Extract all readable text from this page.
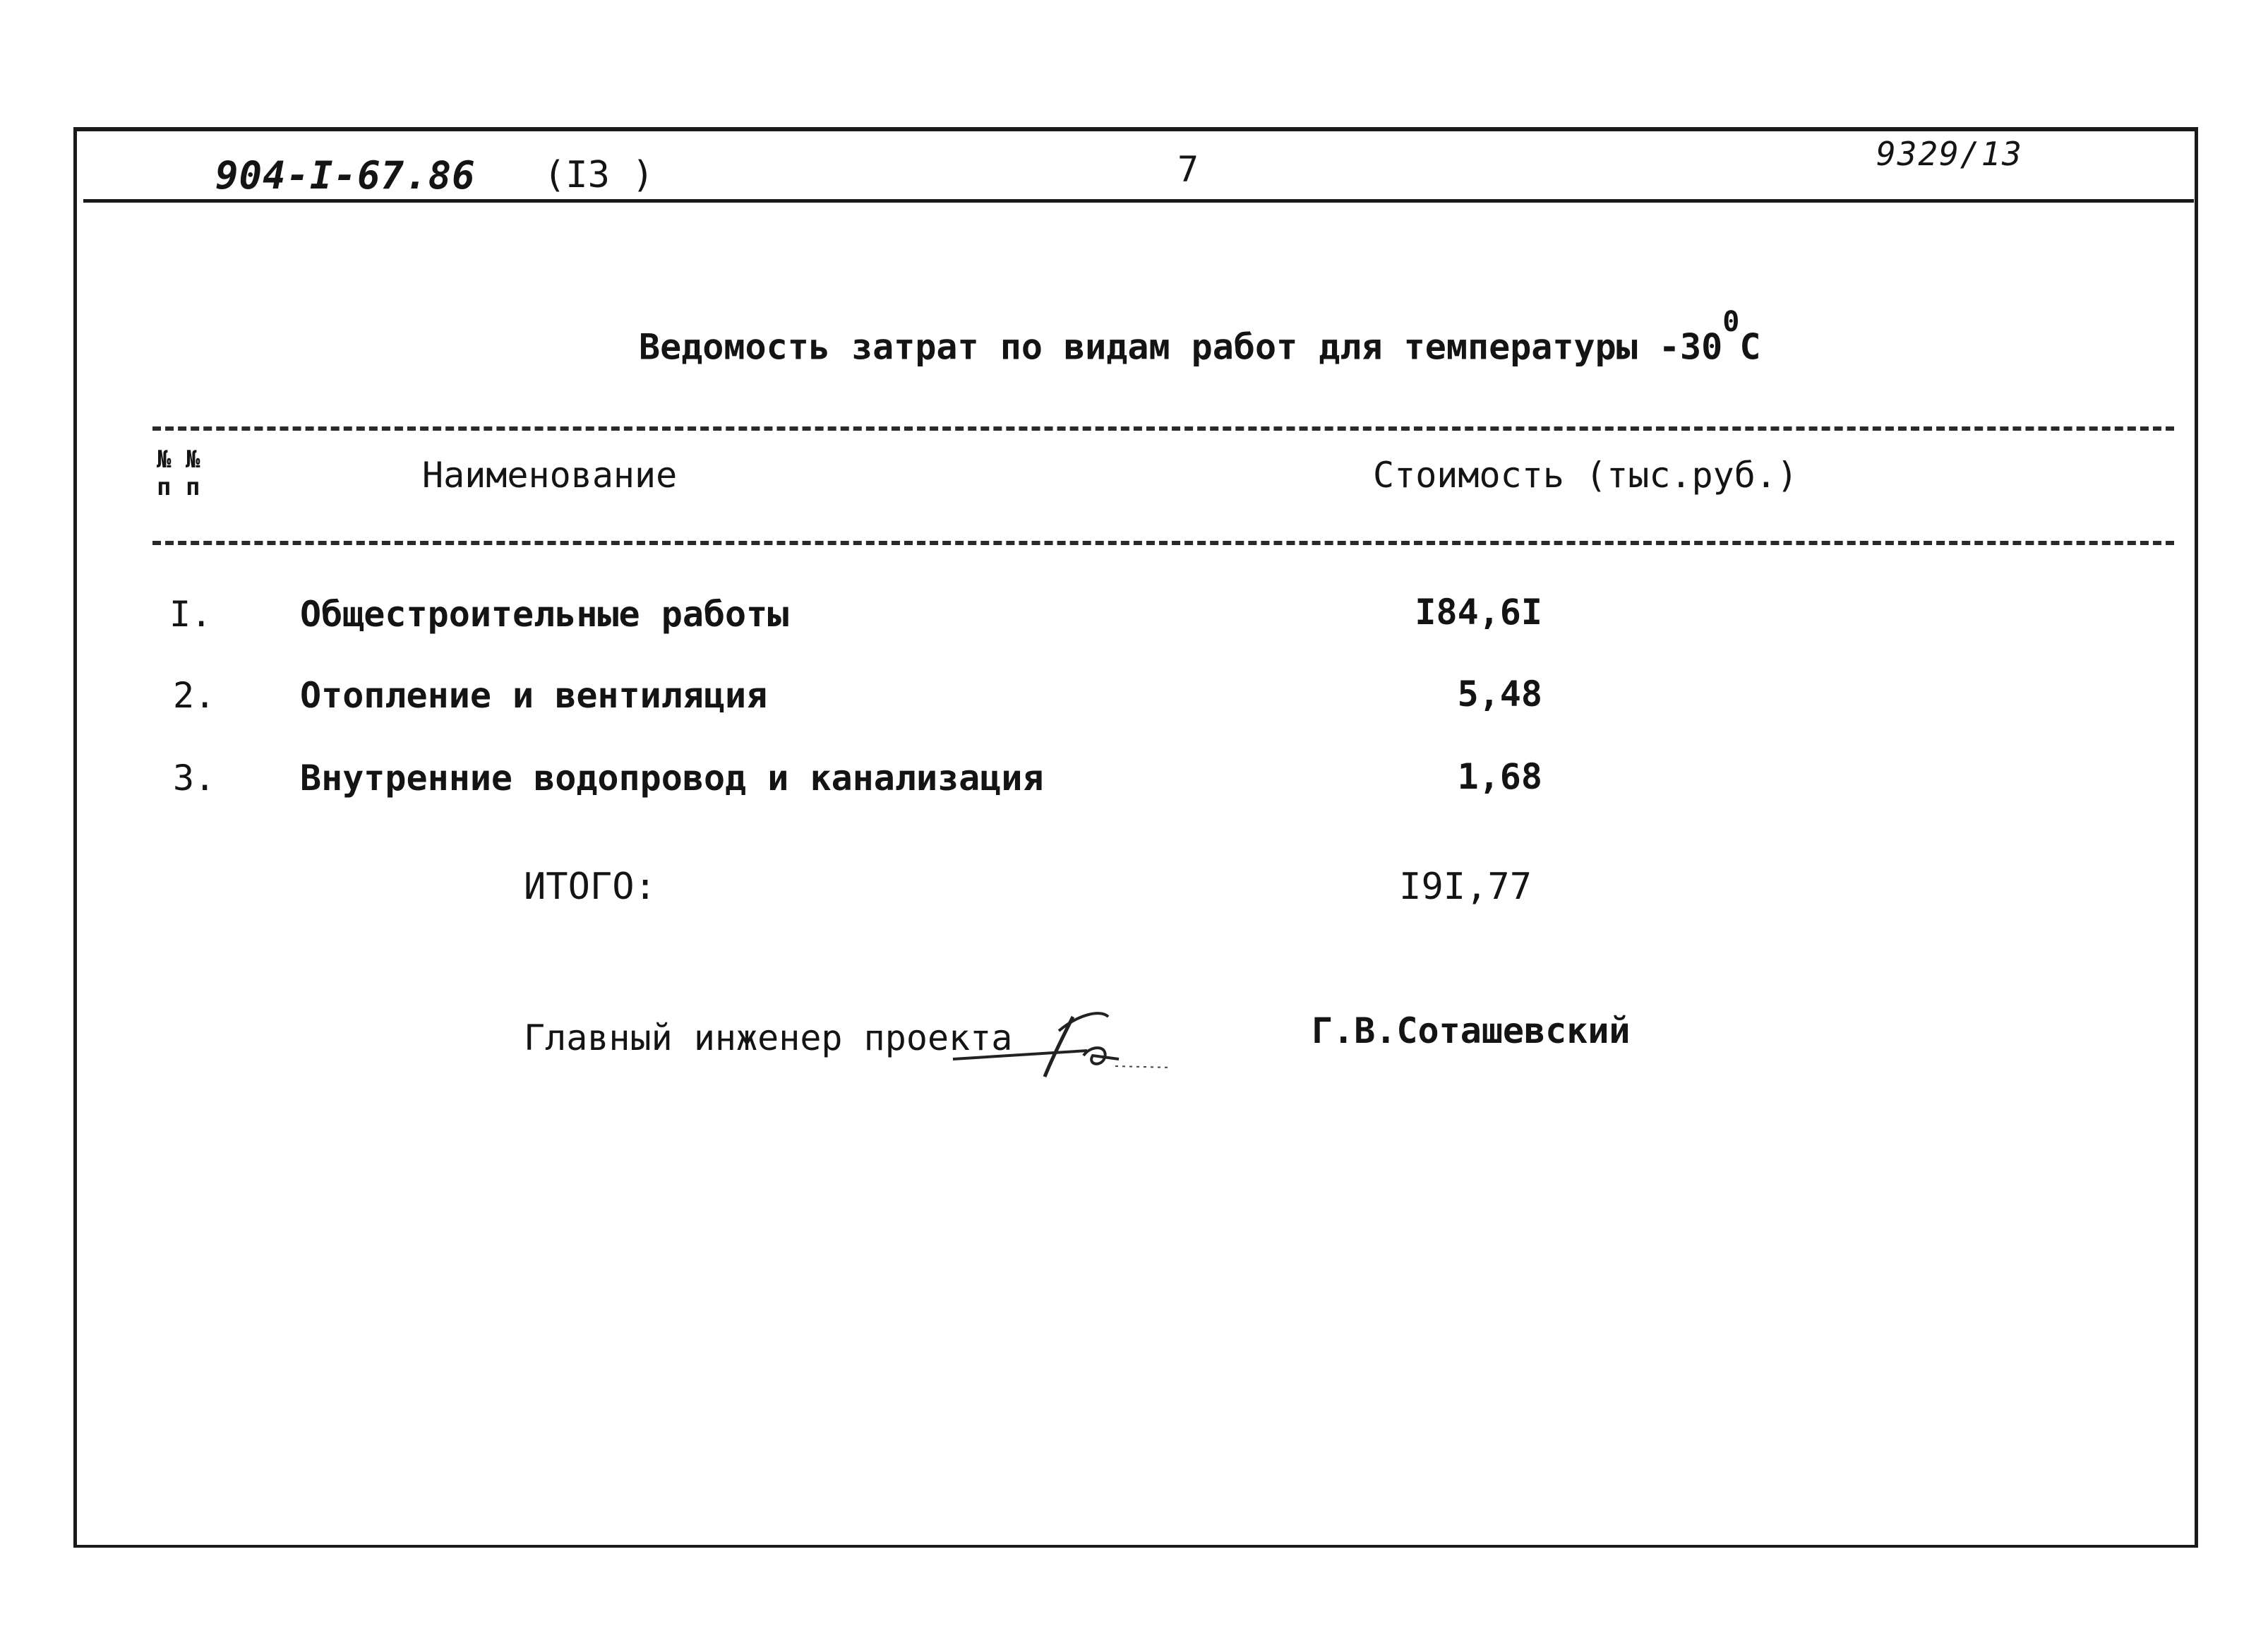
904-I-67.86 (I3 )	7	9329/13
Ведомость затрат по видам работ для температуры $-30^0C$
№ №
п п	Наименование	Стоимость (тыс.руб.)
I. Общестроительные работы	I84,6I
2. Отопление и вентиляция	5,48
3. Внутренние водопровод и канализация	1,68
ИТОГО:	I9I,77
Главный инженер проекта	Г.В.Соташевский
